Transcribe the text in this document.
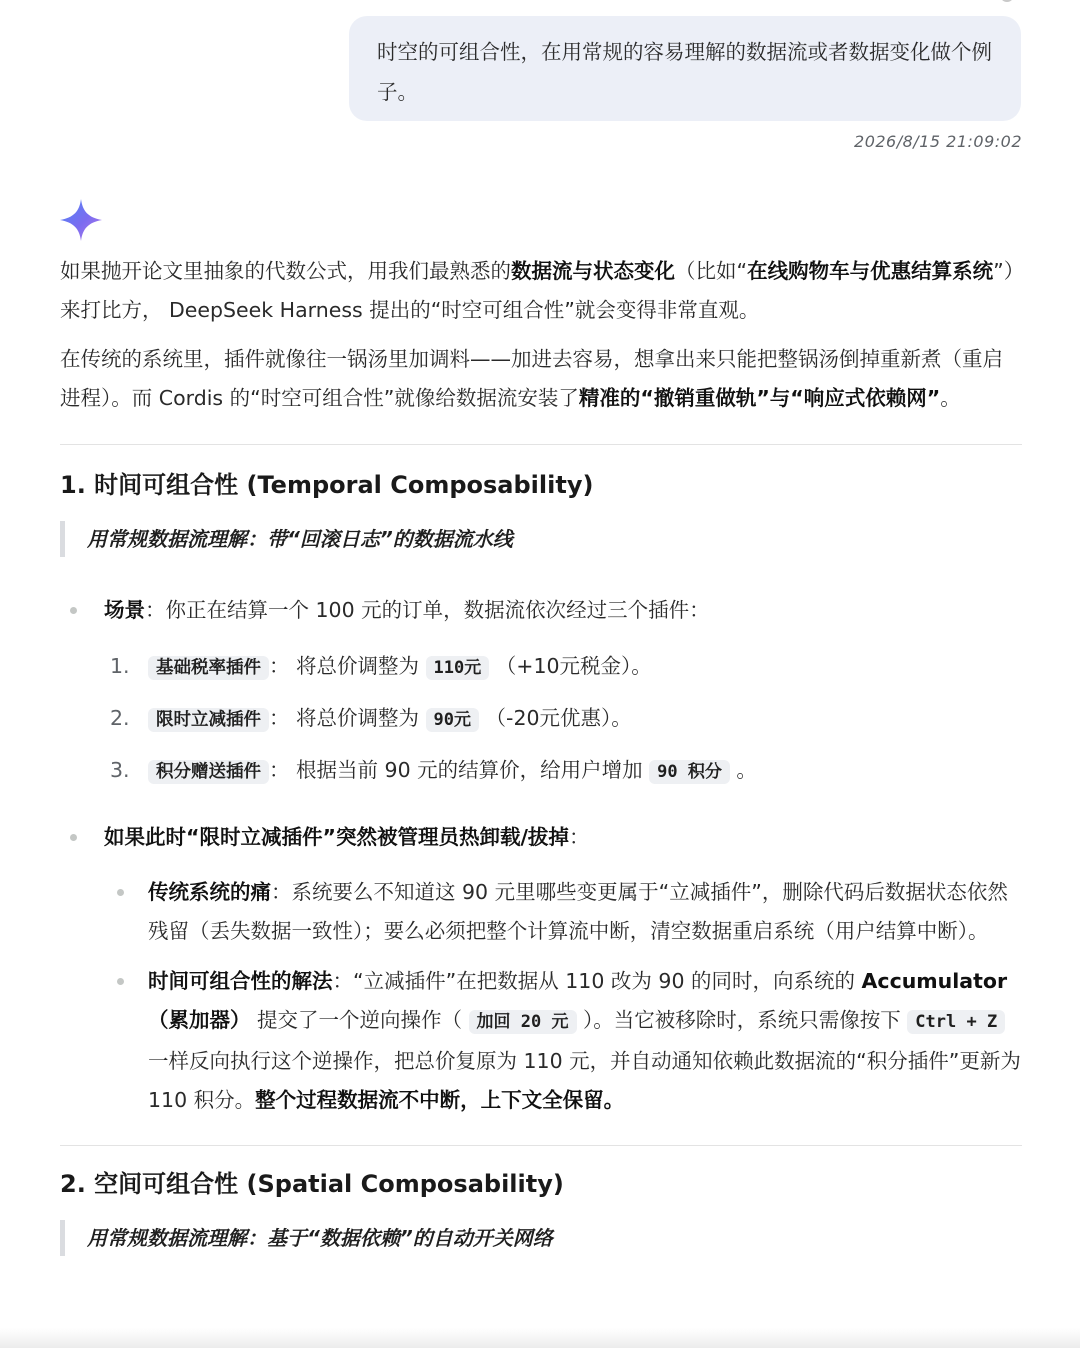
时空的可组合性，在用常规的容易理解的数据流或者数据变化做个例子。
2026/8/15 21:09:02

如果抛开论文里抽象的代数公式，用我们最熟悉的数据流与状态变化（比如“在线购物车与优惠结算系统”）来打比方， DeepSeek Harness 提出的“时空可组合性”就会变得非常直观。

在传统的系统里，插件就像往一锅汤里加调料——加进去容易，想拿出来只能把整锅汤倒掉重新煮（重启进程）。而 Cordis 的“时空可组合性”就像给数据流安装了精准的“撤销重做轨”与“响应式依赖网”。

1. 时间可组合性 (Temporal Composability)
用常规数据流理解：带“回滚日志”的数据流水线
场景：你正在结算一个 100 元的订单，数据流依次经过三个插件：
1. 基础税率插件 ： 将总价调整为 110元 （+10元税金）。
2. 限时立减插件 ： 将总价调整为 90元 （-20元优惠）。
3. 积分赠送插件 ： 根据当前 90 元的结算价，给用户增加 90 积分 。
如果此时“限时立减插件”突然被管理员热卸载/拔掉：
传统系统的痛：系统要么不知道这 90 元里哪些变更属于“立减插件”，删除代码后数据状态依然残留（丢失数据一致性）；要么必须把整个计算流中断，清空数据重启系统（用户结算中断）。
时间可组合性的解法：“立减插件”在把数据从 110 改为 90 的同时，向系统的 Accumulator（累加器） 提交了一个逆向操作（ 加回 20 元 ）。当它被移除时，系统只需像按下 Ctrl + Z 一样反向执行这个逆操作，把总价复原为 110 元，并自动通知依赖此数据流的“积分插件”更新为 110 积分。整个过程数据流不中断，上下文全保留。
2. 空间可组合性 (Spatial Composability)
用常规数据流理解：基于“数据依赖”的自动开关网络
